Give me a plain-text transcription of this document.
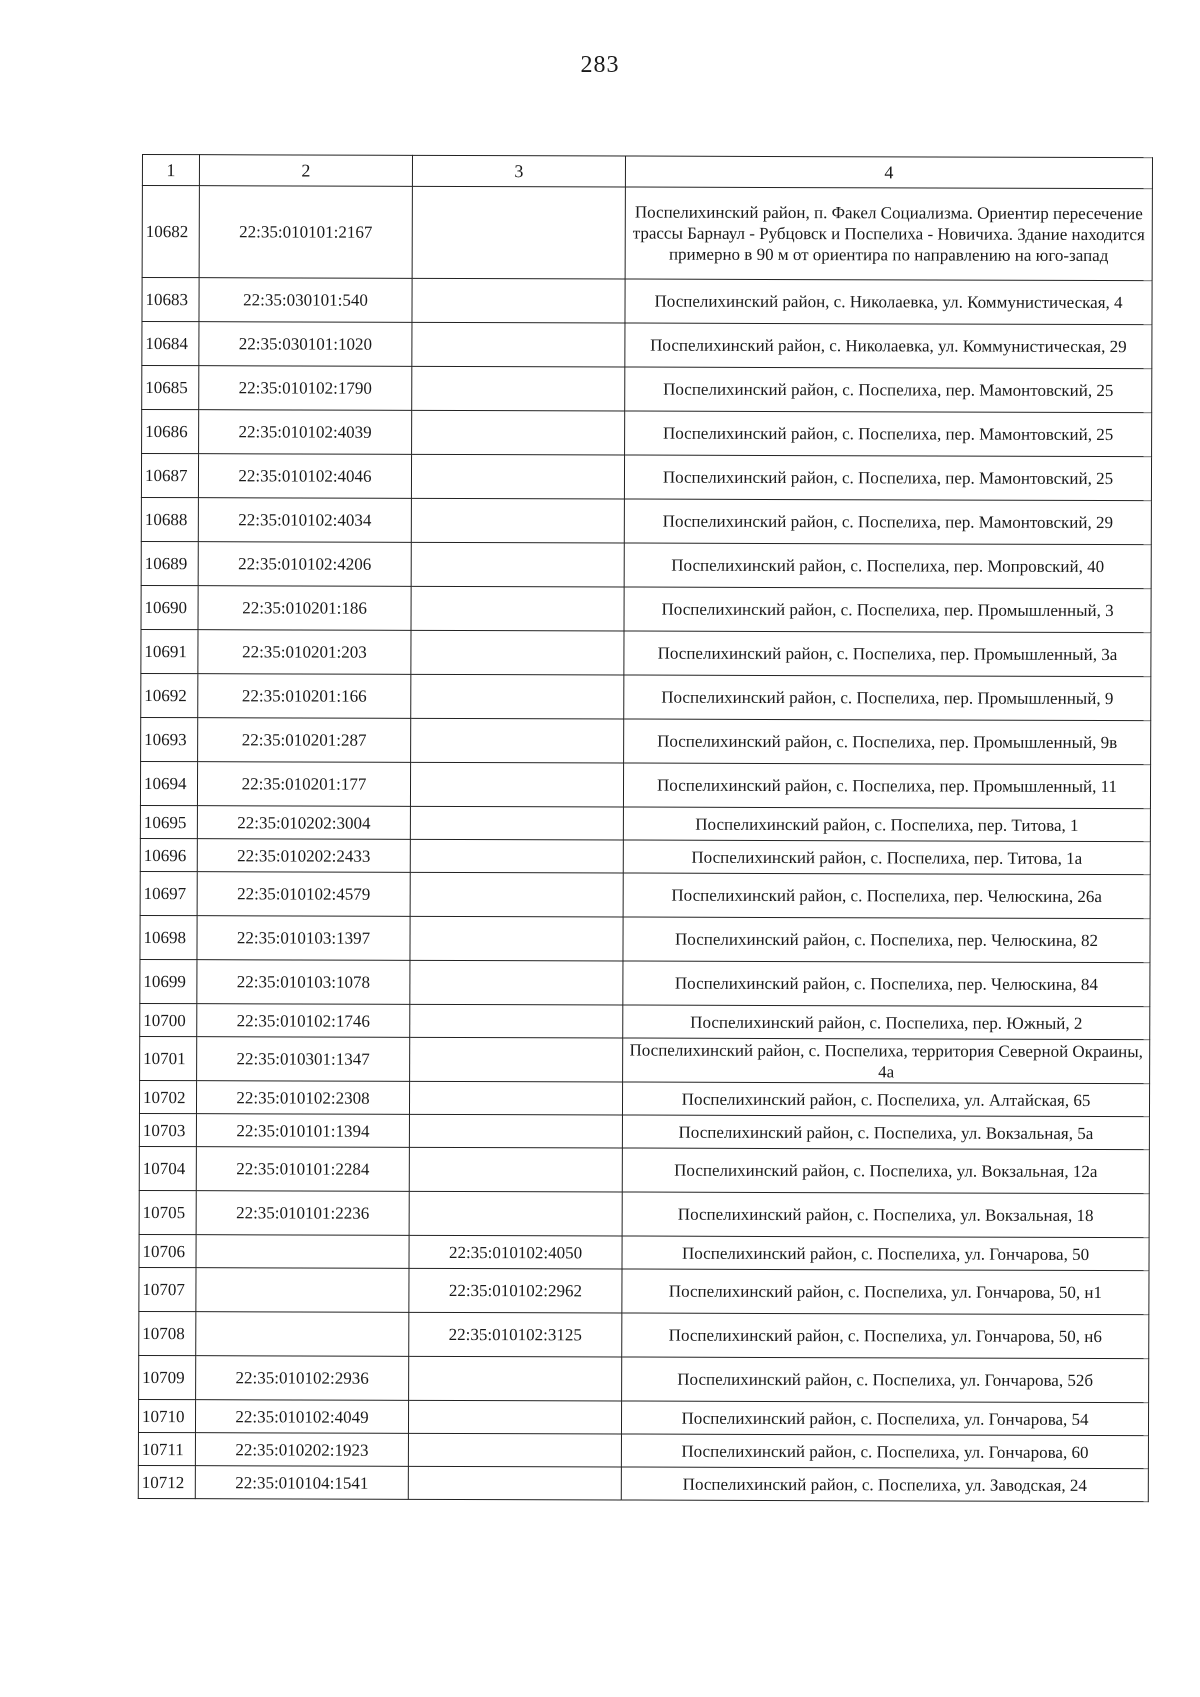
283
1	2	3	4
10682	22:35:010101:2167		Поспелихинский район, п. Факел Социализма. Ориентир пересечение трассы Барнаул - Рубцовск и Поспелиха - Новичиха. Здание находится примерно в 90 м от ориентира по направлению на юго-запад
10683	22:35:030101:540		Поспелихинский район, с. Николаевка, ул. Коммунистическая, 4
10684	22:35:030101:1020		Поспелихинский район, с. Николаевка, ул. Коммунистическая, 29
10685	22:35:010102:1790		Поспелихинский район, с. Поспелиха, пер. Мамонтовский, 25
10686	22:35:010102:4039		Поспелихинский район, с. Поспелиха, пер. Мамонтовский, 25
10687	22:35:010102:4046		Поспелихинский район, с. Поспелиха, пер. Мамонтовский, 25
10688	22:35:010102:4034		Поспелихинский район, с. Поспелиха, пер. Мамонтовский, 29
10689	22:35:010102:4206		Поспелихинский район, с. Поспелиха, пер. Мопровский, 40
10690	22:35:010201:186		Поспелихинский район, с. Поспелиха, пер. Промышленный, 3
10691	22:35:010201:203		Поспелихинский район, с. Поспелиха, пер. Промышленный, 3а
10692	22:35:010201:166		Поспелихинский район, с. Поспелиха, пер. Промышленный, 9
10693	22:35:010201:287		Поспелихинский район, с. Поспелиха, пер. Промышленный, 9в
10694	22:35:010201:177		Поспелихинский район, с. Поспелиха, пер. Промышленный, 11
10695	22:35:010202:3004		Поспелихинский район, с. Поспелиха, пер. Титова, 1
10696	22:35:010202:2433		Поспелихинский район, с. Поспелиха, пер. Титова, 1а
10697	22:35:010102:4579		Поспелихинский район, с. Поспелиха, пер. Челюскина, 26а
10698	22:35:010103:1397		Поспелихинский район, с. Поспелиха, пер. Челюскина, 82
10699	22:35:010103:1078		Поспелихинский район, с. Поспелиха, пер. Челюскина, 84
10700	22:35:010102:1746		Поспелихинский район, с. Поспелиха, пер. Южный, 2
10701	22:35:010301:1347		Поспелихинский район, с. Поспелиха, территория Северной Окраины, 4а
10702	22:35:010102:2308		Поспелихинский район, с. Поспелиха, ул. Алтайская, 65
10703	22:35:010101:1394		Поспелихинский район, с. Поспелиха, ул. Вокзальная, 5а
10704	22:35:010101:2284		Поспелихинский район, с. Поспелиха, ул. Вокзальная, 12а
10705	22:35:010101:2236		Поспелихинский район, с. Поспелиха, ул. Вокзальная, 18
10706		22:35:010102:4050	Поспелихинский район, с. Поспелиха, ул. Гончарова, 50
10707		22:35:010102:2962	Поспелихинский район, с. Поспелиха, ул. Гончарова, 50, н1
10708		22:35:010102:3125	Поспелихинский район, с. Поспелиха, ул. Гончарова, 50, н6
10709	22:35:010102:2936		Поспелихинский район, с. Поспелиха, ул. Гончарова, 52б
10710	22:35:010102:4049		Поспелихинский район, с. Поспелиха, ул. Гончарова, 54
10711	22:35:010202:1923		Поспелихинский район, с. Поспелиха, ул. Гончарова, 60
10712	22:35:010104:1541		Поспелихинский район, с. Поспелиха, ул. Заводская, 24
